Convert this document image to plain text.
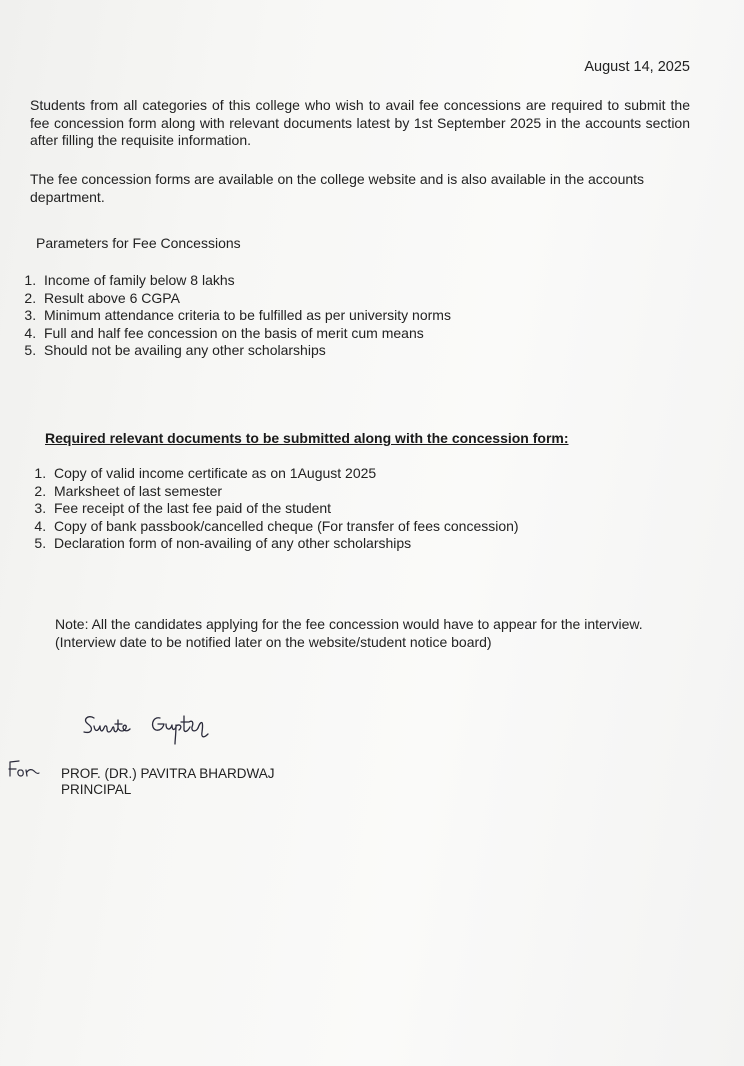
August 14, 2025
Students from all categories of this college who wish to avail fee concessions are required to submit the fee concession form along with relevant documents latest by 1st September 2025 in the accounts section after filling the requisite information.
The fee concession forms are available on the college website and is also available in the accounts department.
Parameters for Fee Concessions
1. Income of family below 8 lakhs
2. Result above 6 CGPA
3. Minimum attendance criteria to be fulfilled as per university norms
4. Full and half fee concession on the basis of merit cum means
5. Should not be availing any other scholarships
Required relevant documents to be submitted along with the concession form:
1. Copy of valid income certificate as on 1August 2025
2. Marksheet of last semester
3. Fee receipt of the last fee paid of the student
4. Copy of bank passbook/cancelled cheque (For transfer of fees concession)
5. Declaration form of non-availing of any other scholarships
Note: All the candidates applying for the fee concession would have to appear for the interview.
(Interview date to be notified later on the website/student notice board)
PROF. (DR.) PAVITRA BHARDWAJ
PRINCIPAL
